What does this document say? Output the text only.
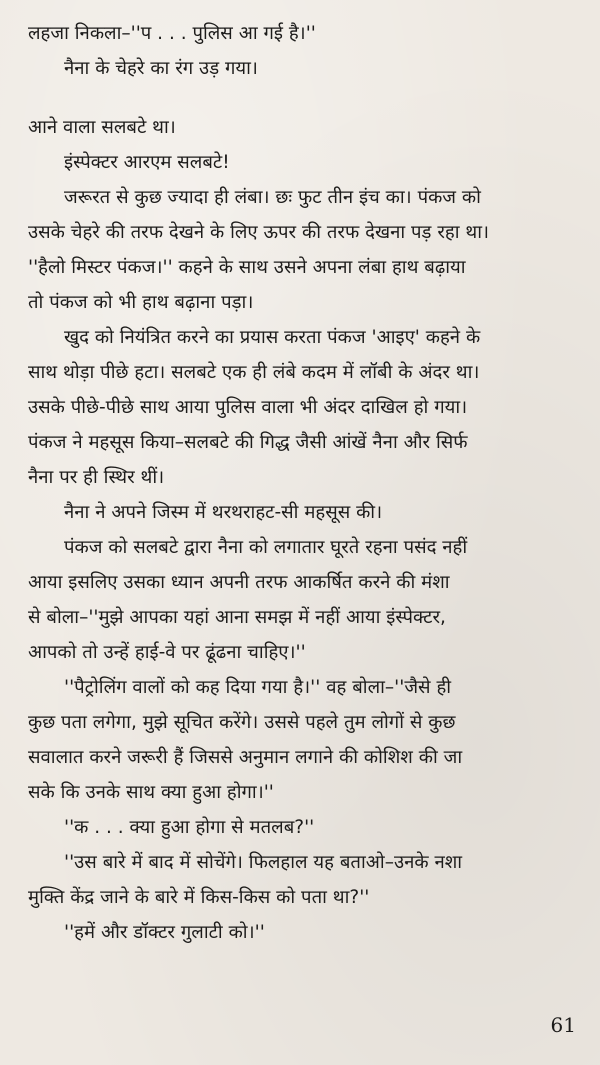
लहजा निकला–''प . . . पुलिस आ गई है।''
नैना के चेहरे का रंग उड़ गया।
आने वाला सलबटे था।
इंस्पेक्टर आरएम सलबटे!
जरूरत से कुछ ज्यादा ही लंबा। छः फुट तीन इंच का। पंकज को
उसके चेहरे की तरफ देखने के लिए ऊपर की तरफ देखना पड़ रहा था।
''हैलो मिस्टर पंकज।'' कहने के साथ उसने अपना लंबा हाथ बढ़ाया
तो पंकज को भी हाथ बढ़ाना पड़ा।
खुद को नियंत्रित करने का प्रयास करता पंकज 'आइए' कहने के
साथ थोड़ा पीछे हटा। सलबटे एक ही लंबे कदम में लॉबी के अंदर था।
उसके पीछे-पीछे साथ आया पुलिस वाला भी अंदर दाखिल हो गया।
पंकज ने महसूस किया–सलबटे की गिद्ध जैसी आंखें नैना और सिर्फ
नैना पर ही स्थिर थीं।
नैना ने अपने जिस्म में थरथराहट-सी महसूस की।
पंकज को सलबटे द्वारा नैना को लगातार घूरते रहना पसंद नहीं
आया इसलिए उसका ध्यान अपनी तरफ आकर्षित करने की मंशा
से बोला–''मुझे आपका यहां आना समझ में नहीं आया इंस्पेक्टर,
आपको तो उन्हें हाई-वे पर ढूंढना चाहिए।''
''पैट्रोलिंग वालों को कह दिया गया है।'' वह बोला–''जैसे ही
कुछ पता लगेगा, मुझे सूचित करेंगे। उससे पहले तुम लोगों से कुछ
सवालात करने जरूरी हैं जिससे अनुमान लगाने की कोशिश की जा
सके कि उनके साथ क्या हुआ होगा।''
''क . . . क्या हुआ होगा से मतलब?''
''उस बारे में बाद में सोचेंगे। फिलहाल यह बताओ–उनके नशा
मुक्ति केंद्र जाने के बारे में किस-किस को पता था?''
''हमें और डॉक्टर गुलाटी को।''
61
